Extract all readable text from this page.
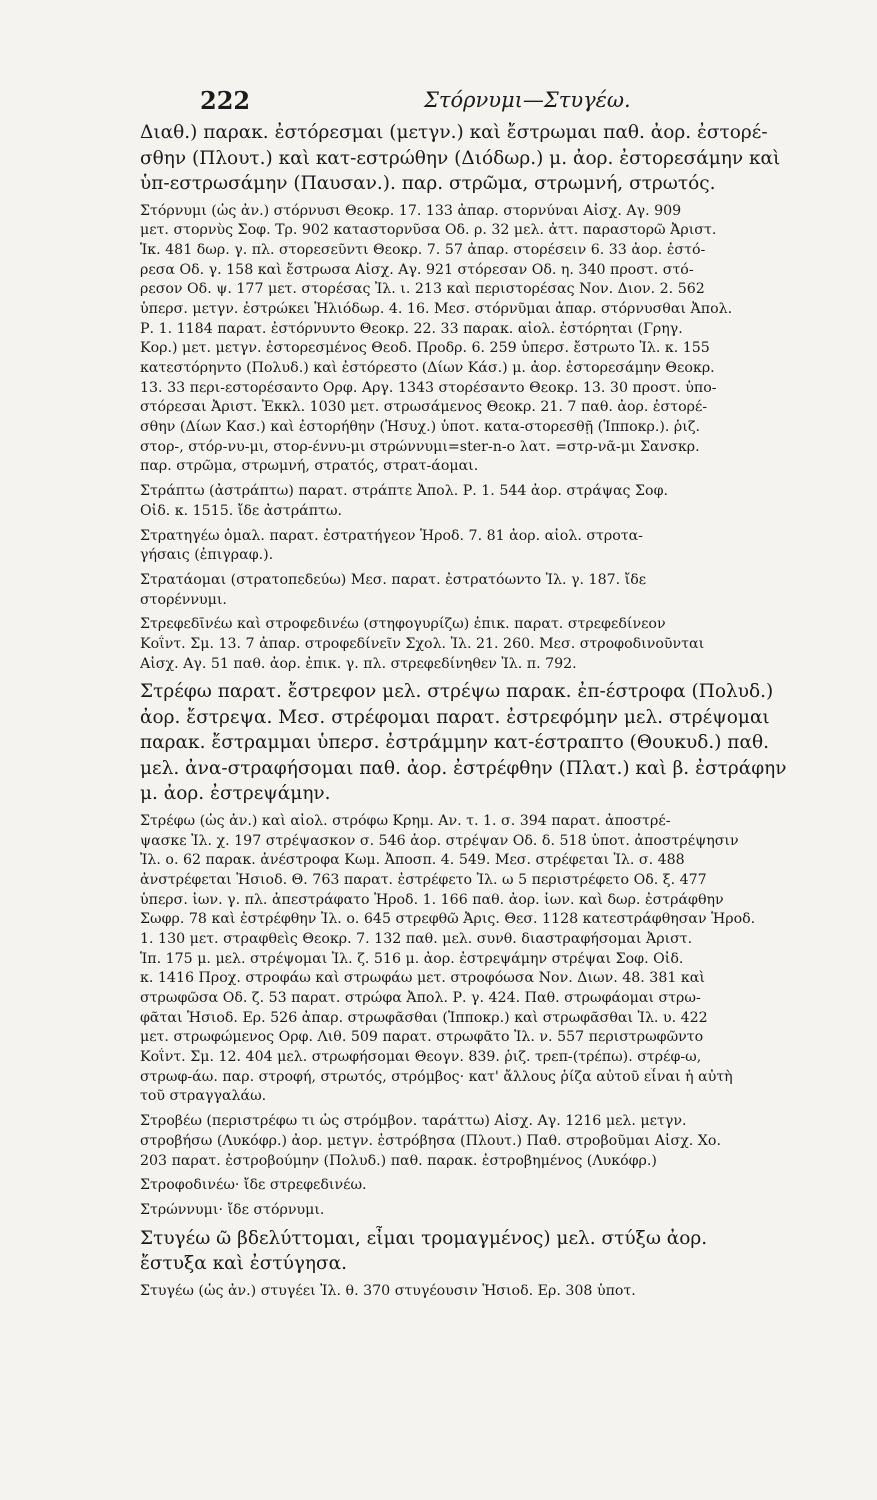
222	Στόρνυμι—Στυγέω.
Διαθ.) παρακ. ἐστόρεσμαι (μετγν.) καὶ ἔστρωμαι παθ. ἀορ. ἐστορέ-
σθην (Πλουτ.) καὶ κατ-εστρώθην (Διόδωρ.) μ. ἀορ. ἐστορεσάμην καὶ
ὑπ-εστρωσάμην (Παυσαν.). παρ. στρῶμα, στρωμνή, στρωτός.
Στόρνυμι (ὡς ἀν.) στόρνυσι Θεοκρ. 17. 133 ἀπαρ. στορνύναι Αἰσχ. Αγ. 909
μετ. στορνὺς Σοφ. Τρ. 902 καταστορνῦσα Οδ. ρ. 32 μελ. ἀττ. παραστορῶ Ἀριστ.
Ἱκ. 481 δωρ. γ. πλ. στορεσεῦντι Θεοκρ. 7. 57 ἀπαρ. στορέσειν 6. 33 ἀορ. ἐστό-
ρεσα Οδ. γ. 158 καὶ ἔστρωσα Αἰσχ. Αγ. 921 στόρεσαν Οδ. η. 340 προστ. στό-
ρεσον Οδ. ψ. 177 μετ. στορέσας Ἰλ. ι. 213 καὶ περιστορέσας Νον. Διον. 2. 562
ὑπερσ. μετγν. ἐστρώκει Ἡλιόδωρ. 4. 16. Μεσ. στόρνῦμαι ἀπαρ. στόρνυσθαι Ἀπολ.
Ρ. 1. 1184 παρατ. ἐστόρνυντο Θεοκρ. 22. 33 παρακ. αἰολ. ἐστόρηται (Γρηγ.
Κορ.) μετ. μετγν. ἐστορεσμένος Θεοδ. Προδρ. 6. 259 ὑπερσ. ἔστρωτο Ἰλ. κ. 155
κατεστόρηντο (Πολυδ.) καὶ ἐστόρεστο (Δίων Κάσ.) μ. ἀορ. ἐστορεσάμην Θεοκρ.
13. 33 περι-εστορέσαντο Ορφ. Αργ. 1343 στορέσαντο Θεοκρ. 13. 30 προστ. ὑπο-
στόρεσαι Ἀριστ. Ἐκκλ. 1030 μετ. στρωσάμενος Θεοκρ. 21. 7 παθ. ἀορ. ἐστορέ-
σθην (Δίων Κασ.) καὶ ἐστορήθην (Ἡσυχ.) ὑποτ. κατα-στορεσθῇ (Ἱπποκρ.). ῥιζ.
στορ-, στόρ-νυ-μι, στορ-έννυ-μι στρώννυμι=ster-n-o λατ. =στρ-νᾶ-μι Σανσκρ.
παρ. στρῶμα, στρωμνή, στρατός, στρατ-άομαι.
Στράπτω (ἀστράπτω) παρατ. στράπτε Ἀπολ. Ρ. 1. 544 ἀορ. στράψας Σοφ.
Οἰδ. κ. 1515. ἴδε ἀστράπτω.
Στρατηγέω ὁμαλ. παρατ. ἐστρατήγεον Ἡροδ. 7. 81 ἀορ. αἰολ. στροτα-
γήσαις (ἐπιγραφ.).
Στρατάομαι (στρατοπεδεύω) Μεσ. παρατ. ἐστρατόωντο Ἰλ. γ. 187. ἴδε
στορέννυμι.
Στρεφεδῑνέω καὶ στροφεδινέω (στηφογυρίζω) ἐπικ. παρατ. στρεφεδίνεον
Κοΐντ. Σμ. 13. 7 ἀπαρ. στροφεδίνεῖν Σχολ. Ἰλ. 21. 260. Μεσ. στροφοδινοῦνται
Αἰσχ. Αγ. 51 παθ. ἀορ. ἐπικ. γ. πλ. στρεφεδίνηθεν Ἰλ. π. 792.
Στρέφω παρατ. ἔστρεφον μελ. στρέψω παρακ. ἐπ-έστροφα (Πολυδ.)
ἀορ. ἔστρεψα. Μεσ. στρέφομαι παρατ. ἐστρεφόμην μελ. στρέψομαι
παρακ. ἔστραμμαι ὑπερσ. ἐστράμμην κατ-έστραπτο (Θουκυδ.) παθ.
μελ. ἀνα-στραφήσομαι παθ. ἀορ. ἐστρέφθην (Πλατ.) καὶ β. ἐστράφην
μ. ἀορ. ἐστρεψάμην.
Στρέφω (ὡς ἀν.) καὶ αἰολ. στρόφω Κρημ. Αν. τ. 1. σ. 394 παρατ. ἀποστρέ-
ψασκε Ἰλ. χ. 197 στρέψασκον σ. 546 ἀορ. στρέψαν Οδ. δ. 518 ὑποτ. ἀποστρέψησιν
Ἰλ. ο. 62 παρακ. ἀνέστροφα Κωμ. Ἀποσπ. 4. 549. Μεσ. στρέφεται Ἰλ. σ. 488
ἀνστρέφεται Ἡσιοδ. Θ. 763 παρατ. ἐστρέφετο Ἰλ. ω 5 περιστρέφετο Οδ. ξ. 477
ὑπερσ. ἰων. γ. πλ. ἀπεστράφατο Ἡροδ. 1. 166 παθ. ἀορ. ἰων. καὶ δωρ. ἐστράφθην
Σωφρ. 78 καὶ ἐστρέφθην Ἰλ. ο. 645 στρεφθῶ Ἀρις. Θεσ. 1128 κατεστράφθησαν Ἡροδ.
1. 130 μετ. στραφθεὶς Θεοκρ. 7. 132 παθ. μελ. συνθ. διαστραφήσομαι Ἀριστ.
Ἱπ. 175 μ. μελ. στρέψομαι Ἰλ. ζ. 516 μ. ἀορ. ἐστρεψάμην στρέψαι Σοφ. Οἰδ.
κ. 1416 Προχ. στροφάω καὶ στρωφάω μετ. στροφόωσα Νον. Διων. 48. 381 καὶ
στρωφῶσα Οδ. ζ. 53 παρατ. στρώφα Ἀπολ. Ρ. γ. 424. Παθ. στρωφάομαι στρω-
φᾶται Ἡσιοδ. Ερ. 526 ἀπαρ. στρωφᾶσθαι (Ἱπποκρ.) καὶ στρωφᾶσθαι Ἰλ. υ. 422
μετ. στρωφώμενος Ορφ. Λιθ. 509 παρατ. στρωφᾶτο Ἰλ. ν. 557 περιστρωφῶντο
Κοΐντ. Σμ. 12. 404 μελ. στρωφήσομαι Θεογν. 839. ῥιζ. τρεπ-(τρέπω). στρέφ-ω,
στρωφ-άω. παρ. στροφή, στρωτός, στρόμβος· κατ' ἄλλους ῥίζα αὐτοῦ εἶναι ἡ αὐτὴ
τοῦ στραγγαλάω.
Στροβέω (περιστρέφω τι ὡς στρόμβον. ταράττω) Αἰσχ. Αγ. 1216 μελ. μετγν.
στροβήσω (Λυκόφρ.) ἀορ. μετγν. ἐστρόβησα (Πλουτ.) Παθ. στροβοῦμαι Αἰσχ. Χο.
203 παρατ. ἐστροβούμην (Πολυδ.) παθ. παρακ. ἐστροβημένος (Λυκόφρ.)
Στροφοδινέω· ἴδε στρεφεδινέω.
Στρώννυμι· ἴδε στόρνυμι.
Στυγέω ῶ βδελύττομαι, εἶμαι τρομαγμένος) μελ. στύξω ἀορ.
ἔστυξα καὶ ἐστύγησα.
Στυγέω (ὡς ἀν.) στυγέει Ἰλ. θ. 370 στυγέουσιν Ἡσιοδ. Ερ. 308 ὑποτ.
